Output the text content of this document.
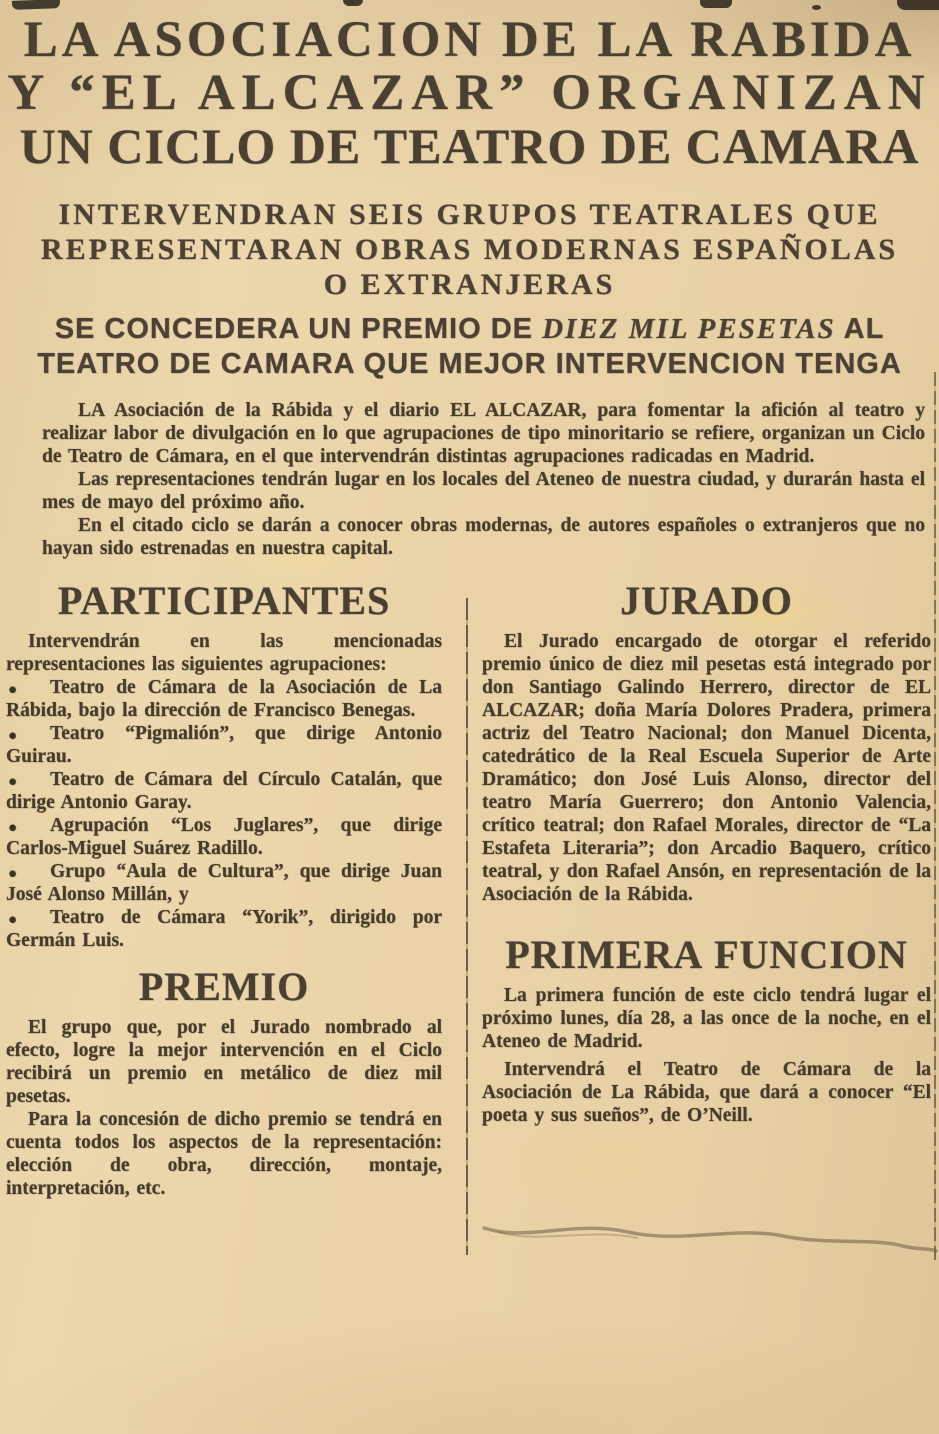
LA ASOCIACION DE LA RABIDA
Y “EL ALCAZAR” ORGANIZAN
UN CICLO DE TEATRO DE CAMARA
INTERVENDRAN SEIS GRUPOS TEATRALES QUE
REPRESENTARAN OBRAS MODERNAS ESPAÑOLAS
O EXTRANJERAS
SE CONCEDERA UN PREMIO DE DIEZ MIL PESETAS AL
TEATRO DE CAMARA QUE MEJOR INTERVENCION TENGA

LA Asociación de la Rábida y el diario EL ALCAZAR, para fomentar la afición al teatro y realizar labor de divulgación en lo que agrupaciones de tipo minoritario se refiere, organizan un Ciclo de Teatro de Cámara, en el que intervendrán distintas agrupaciones radicadas en Madrid.

Las representaciones tendrán lugar en los locales del Ateneo de nuestra ciudad, y durarán hasta el mes de mayo del próximo año.

En el citado ciclo se darán a conocer obras modernas, de autores españoles o extranjeros que no hayan sido estrenadas en nuestra capital.

PARTICIPANTES

Intervendrán en las mencionadas representaciones las siguientes agrupaciones:

● Teatro de Cámara de la Asociación de La Rábida, bajo la dirección de Francisco Benegas.

● Teatro “Pigmalión”, que dirige Antonio Guirau.

● Teatro de Cámara del Círculo Catalán, que dirige Antonio Garay.

● Agrupación “Los Juglares”, que dirige Carlos-Miguel Suárez Radillo.

● Grupo “Aula de Cultura”, que dirige Juan José Alonso Millán, y

● Teatro de Cámara “Yorik”, dirigido por Germán Luis.

PREMIO

El grupo que, por el Jurado nombrado al efecto, logre la mejor intervención en el Ciclo recibirá un premio en metálico de diez mil pesetas.

Para la concesión de dicho premio se tendrá en cuenta todos los aspectos de la representación: elección de obra, dirección, montaje, interpretación, etc.

JURADO

El Jurado encargado de otorgar el referido premio único de diez mil pesetas está integrado por don Santiago Galindo Herrero, director de EL ALCAZAR; doña María Dolores Pradera, primera actriz del Teatro Nacional; don Manuel Dicenta, catedrático de la Real Escuela Superior de Arte Dramático; don José Luis Alonso, director del teatro María Guerrero; don Antonio Valencia, crítico teatral; don Rafael Morales, director de “La Estafeta Literaria”; don Arcadio Baquero, crítico teatral, y don Rafael Ansón, en representación de la Asociación de la Rábida.

PRIMERA FUNCION

La primera función de este ciclo tendrá lugar el próximo lunes, día 28, a las once de la noche, en el Ateneo de Madrid.

Intervendrá el Teatro de Cámara de la Asociación de La Rábida, que dará a conocer “El poeta y sus sueños”, de O’Neill.
